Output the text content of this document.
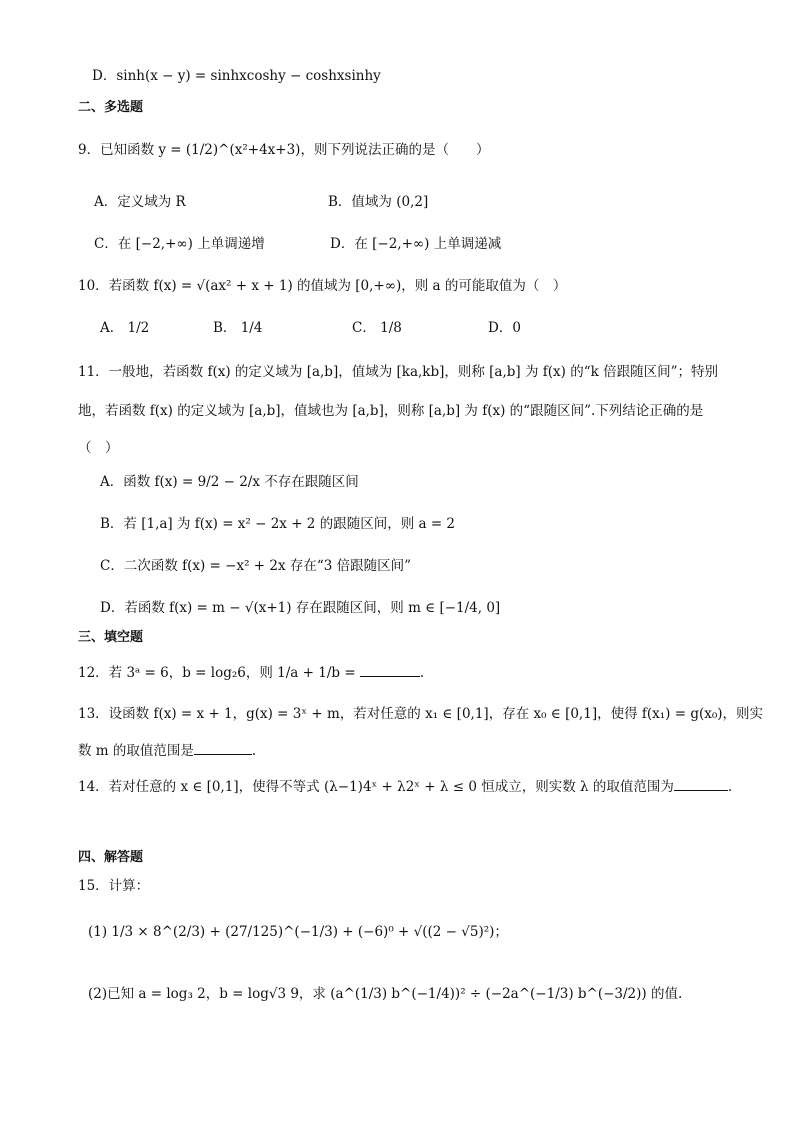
D．sinh(x − y) = sinhxcoshy − coshxsinhy
二、多选题
9．已知函数 y = (1/2)^(x²+4x+3)，则下列说法正确的是（　　）
A．定义域为 R	B．值域为 (0,2]
C．在 [−2,+∞) 上单调递增	D．在 [−2,+∞) 上单调递减
10．若函数 f(x) = √(ax² + x + 1) 的值域为 [0,+∞)，则 a 的可能取值为（　）
A． 1/2	B． 1/4	C． 1/8	D．0
11．一般地，若函数 f(x) 的定义域为 [a,b]，值域为 [ka,kb]，则称 [a,b] 为 f(x) 的“k 倍跟随区间”；特别
地，若函数 f(x) 的定义域为 [a,b]，值域也为 [a,b]，则称 [a,b] 为 f(x) 的“跟随区间”.下列结论正确的是
（　）
A．函数 f(x) = 9/2 − 2/x 不存在跟随区间
B．若 [1,a] 为 f(x) = x² − 2x + 2 的跟随区间，则 a = 2
C．二次函数 f(x) = −x² + 2x 存在“3 倍跟随区间”
D．若函数 f(x) = m − √(x+1) 存在跟随区间，则 m ∈ [−1/4, 0]
三、填空题
12．若 3ᵃ = 6，b = log₂6，则 1/a + 1/b =	.
13．设函数 f(x) = x + 1，g(x) = 3ˣ + m，若对任意的 x₁ ∈ [0,1]，存在 x₀ ∈ [0,1]，使得 f(x₁) = g(x₀)，则实
数 m 的取值范围是	.
14．若对任意的 x ∈ [0,1]，使得不等式 (λ−1)4ˣ + λ2ˣ + λ ≤ 0 恒成立，则实数 λ 的取值范围为	.
四、解答题
15．计算：
(1) 1/3 × 8^(2/3) + (27/125)^(−1/3) + (−6)⁰ + √((2 − √5)²)；
(2)已知 a = log₃ 2，b = log√3 9，求 (a^(1/3) b^(−1/4))² ÷ (−2a^(−1/3) b^(−3/2)) 的值.
